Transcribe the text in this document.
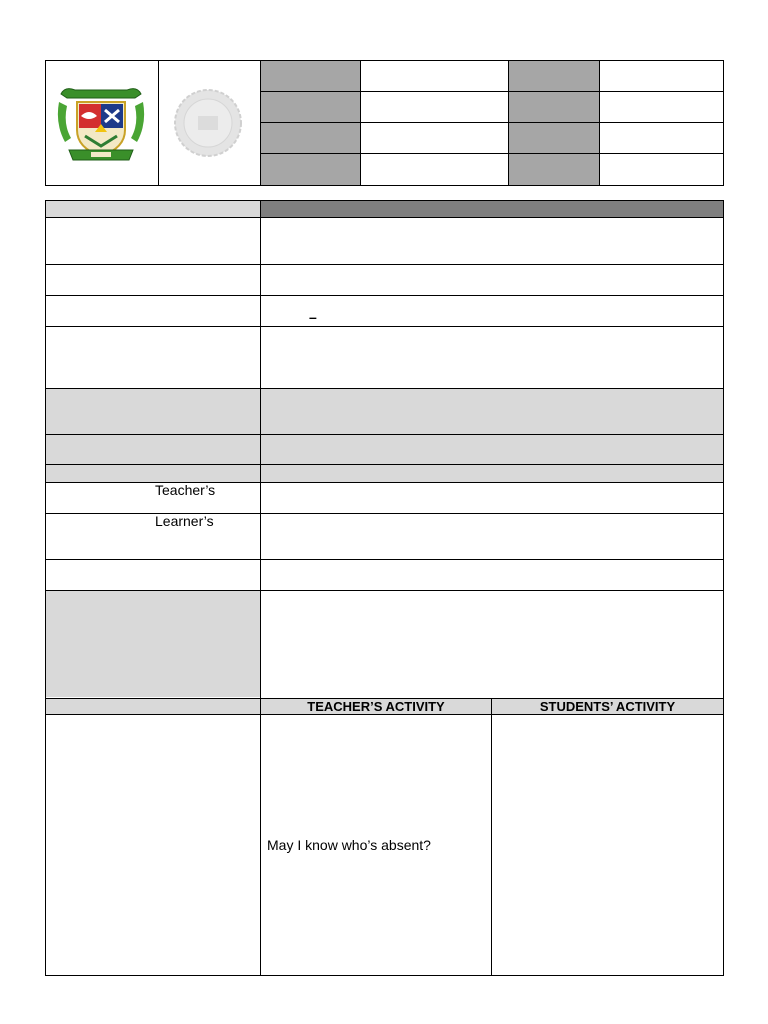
–
Teacher’s
Learner’s
TEACHER’S ACTIVITY	STUDENTS’ ACTIVITY
May I know who’s absent?
